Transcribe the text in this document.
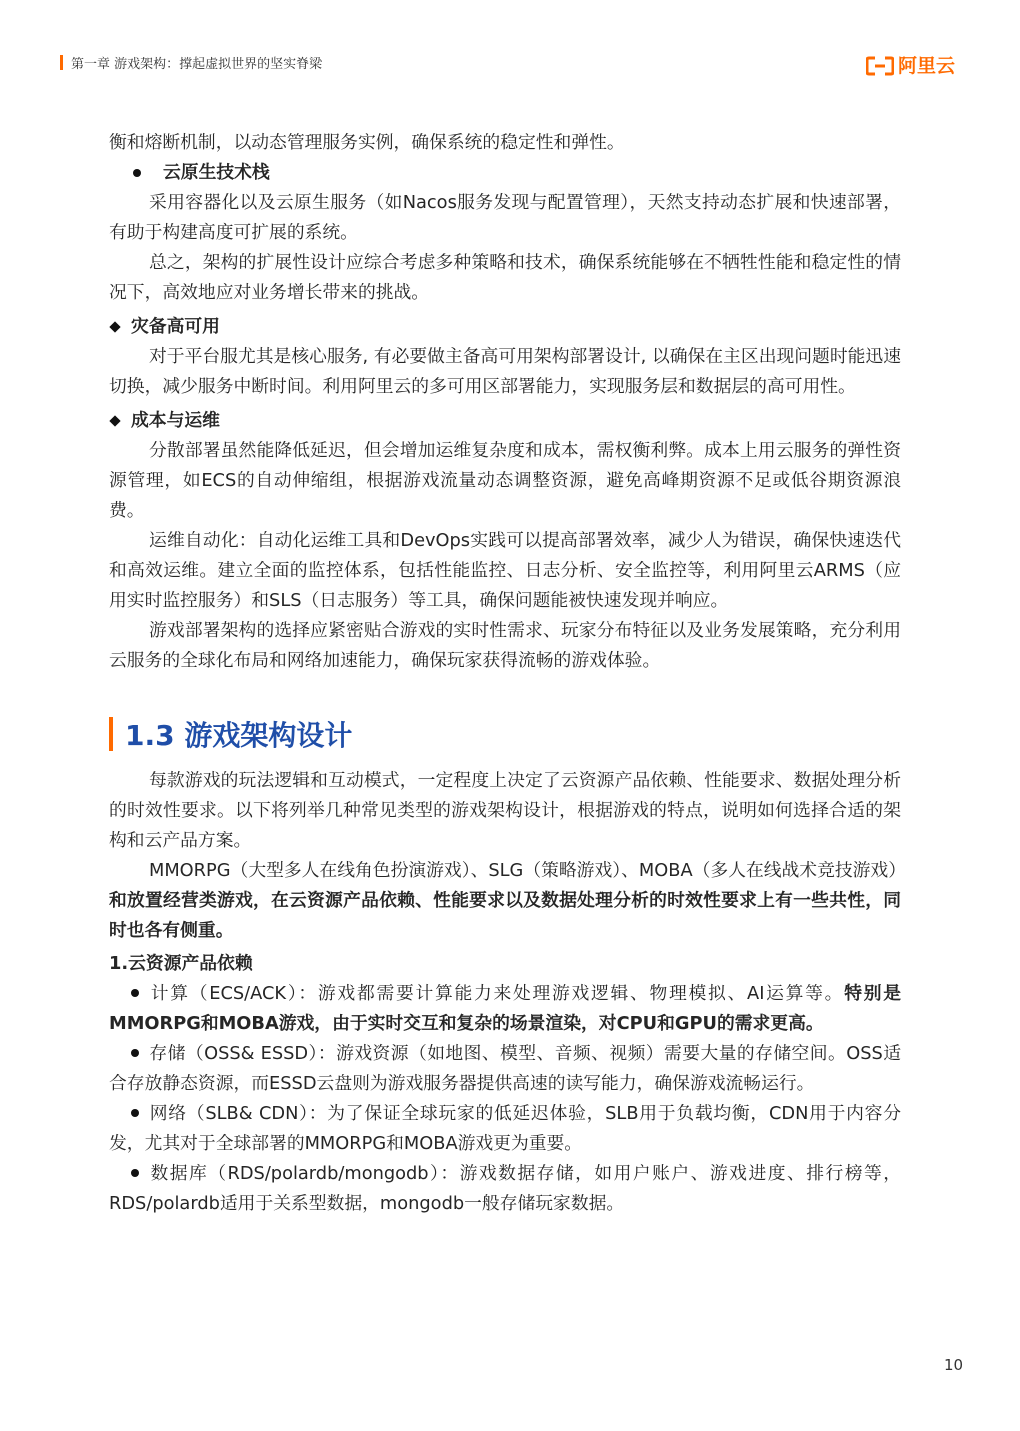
第一章 游戏架构：撑起虚拟世界的坚实脊梁	阿里云

衡和熔断机制，以动态管理服务实例，确保系统的稳定性和弹性。

云原生技术栈

采用容器化以及云原生服务（如Nacos服务发现与配置管理），天然支持动态扩展和快速部署，有助于构建高度可扩展的系统。

总之，架构的扩展性设计应综合考虑多种策略和技术，确保系统能够在不牺牲性能和稳定性的情况下，高效地应对业务增长带来的挑战。

灾备高可用

对于平台服尤其是核心服务, 有必要做主备高可用架构部署设计, 以确保在主区出现问题时能迅速切换，减少服务中断时间。利用阿里云的多可用区部署能力，实现服务层和数据层的高可用性。

成本与运维

分散部署虽然能降低延迟，但会增加运维复杂度和成本，需权衡利弊。成本上用云服务的弹性资源管理，如ECS的自动伸缩组，根据游戏流量动态调整资源，避免高峰期资源不足或低谷期资源浪费。

运维自动化：自动化运维工具和DevOps实践可以提高部署效率，减少人为错误，确保快速迭代和高效运维。建立全面的监控体系，包括性能监控、日志分析、安全监控等，利用阿里云ARMS（应用实时监控服务）和SLS（日志服务）等工具，确保问题能被快速发现并响应。

游戏部署架构的选择应紧密贴合游戏的实时性需求、玩家分布特征以及业务发展策略，充分利用云服务的全球化布局和网络加速能力，确保玩家获得流畅的游戏体验。

1.3 游戏架构设计

每款游戏的玩法逻辑和互动模式，一定程度上决定了云资源产品依赖、性能要求、数据处理分析的时效性要求。以下将列举几种常见类型的游戏架构设计，根据游戏的特点，说明如何选择合适的架构和云产品方案。

MMORPG（大型多人在线角色扮演游戏）、SLG（策略游戏）、MOBA（多人在线战术竞技游戏）和放置经营类游戏，在云资源产品依赖、性能要求以及数据处理分析的时效性要求上有一些共性，同时也各有侧重。

1.云资源产品依赖

计算（ECS/ACK）：游戏都需要计算能力来处理游戏逻辑、物理模拟、AI运算等。特别是MMORPG和MOBA游戏，由于实时交互和复杂的场景渲染，对CPU和GPU的需求更高。

存储（OSS& ESSD）：游戏资源（如地图、模型、音频、视频）需要大量的存储空间。OSS适合存放静态资源，而ESSD云盘则为游戏服务器提供高速的读写能力，确保游戏流畅运行。

网络（SLB& CDN）：为了保证全球玩家的低延迟体验，SLB用于负载均衡，CDN用于内容分发，尤其对于全球部署的MMORPG和MOBA游戏更为重要。

数据库（RDS/polardb/mongodb）：游戏数据存储，如用户账户、游戏进度、排行榜等，RDS/polardb适用于关系型数据，mongodb一般存储玩家数据。

10
